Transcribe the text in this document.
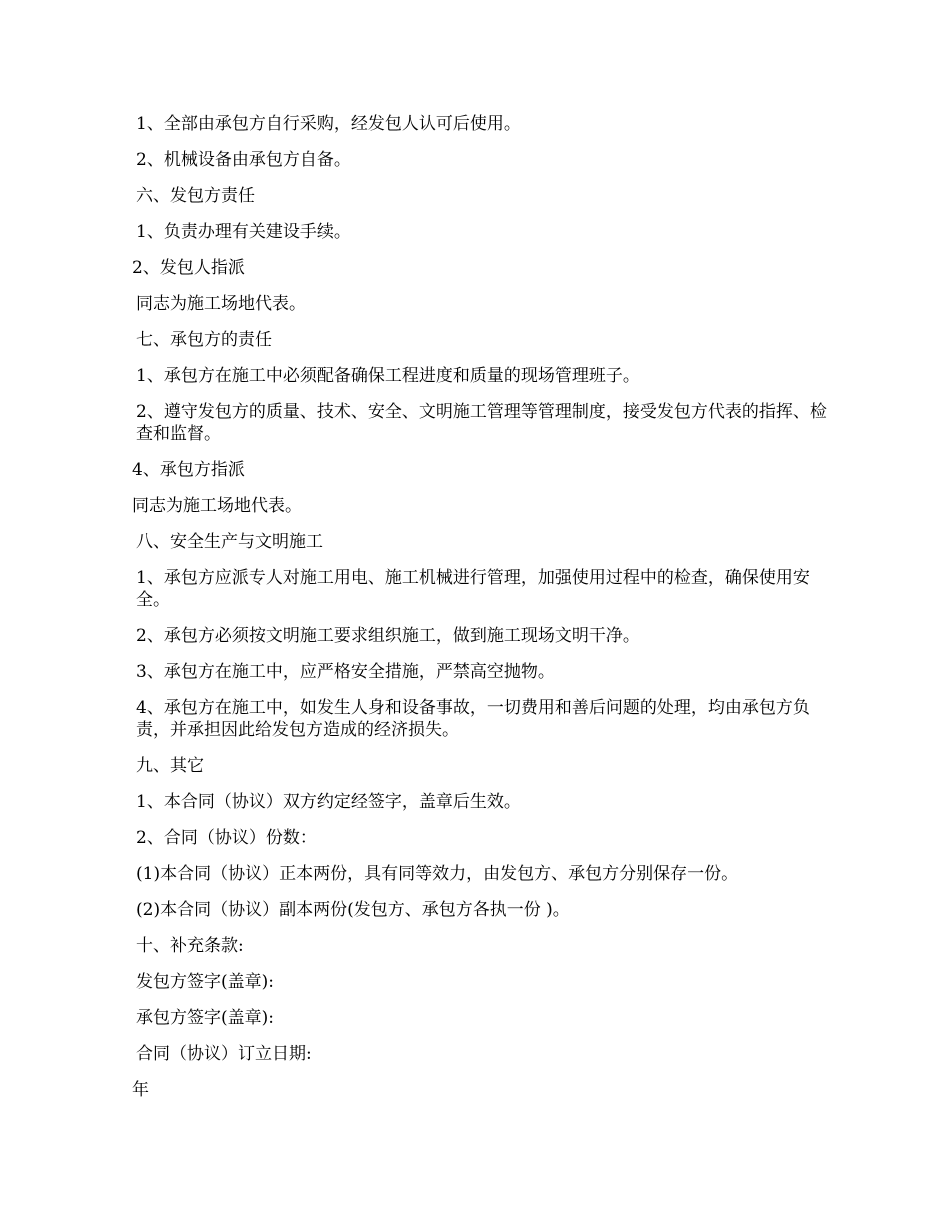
1、全部由承包方自行采购，经发包人认可后使用。

2、机械设备由承包方自备。

六、发包方责任

1、负责办理有关建设手续。

2、发包人指派

同志为施工场地代表。

七、承包方的责任

1、承包方在施工中必须配备确保工程进度和质量的现场管理班子。

2、遵守发包方的质量、技术、安全、文明施工管理等管理制度，接受发包方代表的指挥、检查和监督。

4、承包方指派

同志为施工场地代表。

八、安全生产与文明施工

1、承包方应派专人对施工用电、施工机械进行管理，加强使用过程中的检查，确保使用安全。

2、承包方必须按文明施工要求组织施工，做到施工现场文明干净。

3、承包方在施工中，应严格安全措施，严禁高空抛物。

4、承包方在施工中，如发生人身和设备事故，一切费用和善后问题的处理，均由承包方负责，并承担因此给发包方造成的经济损失。

九、其它

1、本合同（协议）双方约定经签字，盖章后生效。

2、合同（协议）份数：

(1)本合同（协议）正本两份，具有同等效力，由发包方、承包方分别保存一份。

(2)本合同（协议）副本两份(发包方、承包方各执一份 )。

十、补充条款:

发包方签字(盖章):

承包方签字(盖章):

合同（协议）订立日期:

年
